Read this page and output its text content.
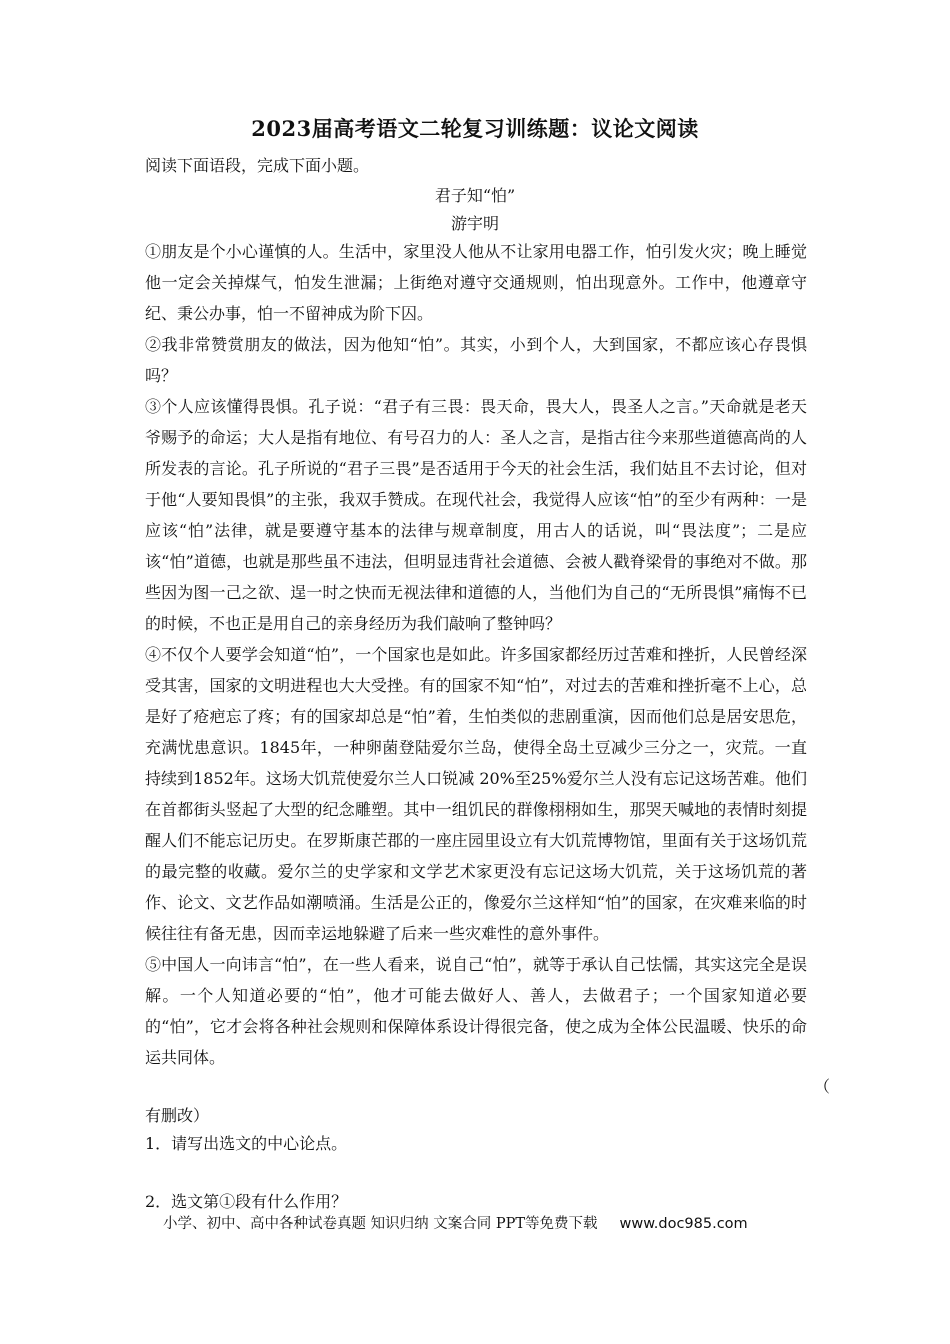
2023届高考语文二轮复习训练题：议论文阅读
阅读下面语段，完成下面小题。
君子知“怕”
游宇明
①朋友是个小心谨慎的人。生活中，家里没人他从不让家用电器工作，怕引发火灾；晚上睡觉他一定会关掉煤气，怕发生泄漏；上街绝对遵守交通规则，怕出现意外。工作中，他遵章守纪、秉公办事，怕一不留神成为阶下囚。
②我非常赞赏朋友的做法，因为他知“怕”。其实，小到个人，大到国家，不都应该心存畏惧吗？
③个人应该懂得畏惧。孔子说：“君子有三畏：畏天命，畏大人，畏圣人之言。”天命就是老天爷赐予的命运；大人是指有地位、有号召力的人：圣人之言，是指古往今来那些道德高尚的人所发表的言论。孔子所说的“君子三畏”是否适用于今天的社会生活，我们姑且不去讨论，但对于他“人要知畏惧”的主张，我双手赞成。在现代社会，我觉得人应该“怕”的至少有两种：一是应该“怕”法律，就是要遵守基本的法律与规章制度，用古人的话说，叫“畏法度”；二是应该“怕”道德，也就是那些虽不违法，但明显违背社会道德、会被人戳脊梁骨的事绝对不做。那些因为图一己之欲、逞一时之快而无视法律和道德的人，当他们为自己的“无所畏惧”痛悔不已的时候，不也正是用自己的亲身经历为我们敲响了整钟吗？
④不仅个人要学会知道“怕”，一个国家也是如此。许多国家都经历过苦难和挫折，人民曾经深受其害，国家的文明进程也大大受挫。有的国家不知“怕”，对过去的苦难和挫折毫不上心，总是好了疮疤忘了疼；有的国家却总是“怕”着，生怕类似的悲剧重演，因而他们总是居安思危，充满忧患意识。1845年，一种卵菌登陆爱尔兰岛，使得全岛土豆减少三分之一，灾荒。一直持续到1852年。这场大饥荒使爱尔兰人口锐减 20%至25%爱尔兰人没有忘记这场苦难。他们在首都街头竖起了大型的纪念雕塑。其中一组饥民的群像栩栩如生，那哭天喊地的表情时刻提醒人们不能忘记历史。在罗斯康芒郡的一座庄园里设立有大饥荒博物馆，里面有关于这场饥荒的最完整的收藏。爱尔兰的史学家和文学艺术家更没有忘记这场大饥荒，关于这场饥荒的著作、论文、文艺作品如潮喷涌。生活是公正的，像爱尔兰这样知“怕”的国家，在灾难来临的时候往往有备无患，因而幸运地躲避了后来一些灾难性的意外事件。
⑤中国人一向讳言“怕”，在一些人看来，说自己“怕”，就等于承认自己怯懦，其实这完全是误解。一个人知道必要的“怕”，他才可能去做好人、善人，去做君子；一个国家知道必要的“怕”，它才会将各种社会规则和保障体系设计得很完备，使之成为全体公民温暖、快乐的命运共同体。
（
有删改）
1．请写出选文的中心论点。
2．选文第①段有什么作用？
小学、初中、高中各种试卷真题 知识归纳 文案合同 PPT等免费下载 www.doc985.com
